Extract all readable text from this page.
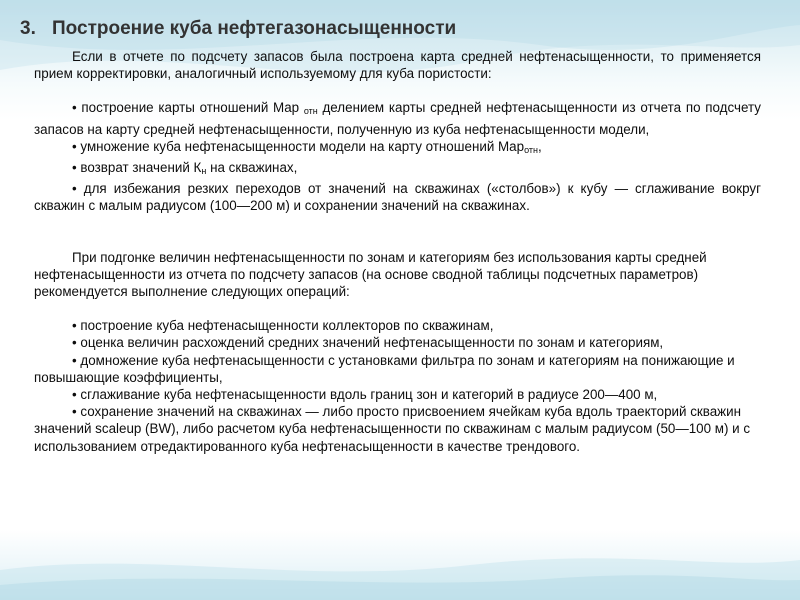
3. Построение куба нефтегазонасыщенности

Если в отчете по подсчету запасов была построена карта средней нефтенасыщенности, то применяется прием корректировки, аналогичный используемому для куба пористости:

• построение карты отношений Map $_{отн}$ делением карты средней нефтенасыщенности из отчета по подсчету запасов на карту средней нефтенасыщенности, полученную из куба нефтенасыщенности модели,

• умножение куба нефтенасыщенности модели на карту отношений Map$_{отн}$,

• возврат значений $К_н$ на скважинах,

• для избежания резких переходов от значений на скважинах («столбов») к кубу — сглаживание вокруг скважин с малым радиусом (100—200 м) и сохранении значений на скважинах.

При подгонке величин нефтенасыщенности по зонам и категориям без использования карты средней нефтенасыщенности из отчета по подсчету запасов (на основе сводной таблицы подсчетных параметров) рекомендуется выполнение следующих операций:

• построение куба нефтенасыщенности коллекторов по скважинам,

• оценка величин расхождений средних значений нефтенасыщенности по зонам и категориям,

• домножение куба нефтенасыщенности с установками фильтра по зонам и категориям на понижающие и повышающие коэффициенты,

• сглаживание куба нефтенасыщенности вдоль границ зон и категорий в радиусе 200—400 м,

• сохранение значений на скважинах — либо просто присвоением ячейкам куба вдоль траекторий скважин значений scaleup (BW), либо расчетом куба нефтенасыщенности по скважинам с малым радиусом (50—100 м) и с использованием отредактированного куба нефтенасыщенности в качестве трендового.
